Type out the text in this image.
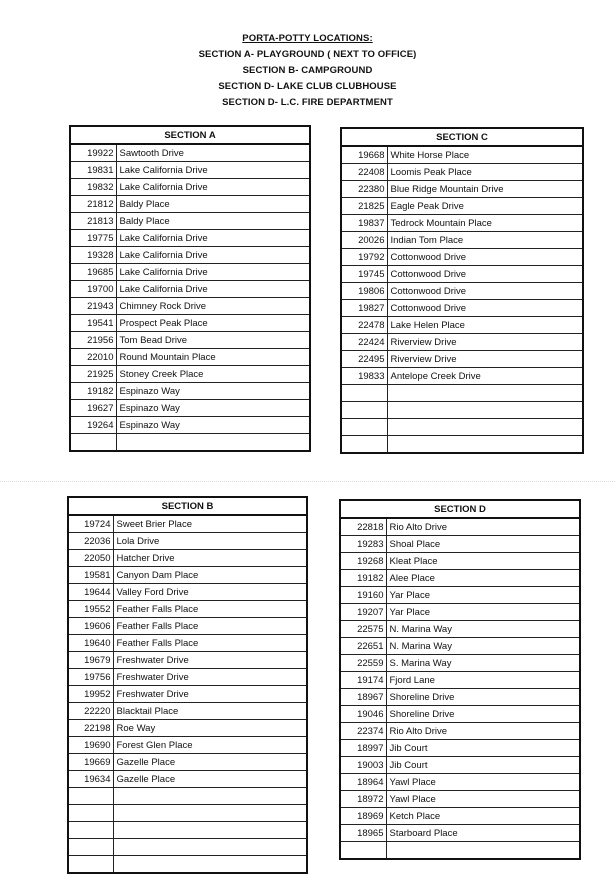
PORTA-POTTY LOCATIONS:
SECTION A- PLAYGROUND ( NEXT TO OFFICE)
SECTION B- CAMPGROUND
SECTION D- LAKE CLUB CLUBHOUSE
SECTION D- L.C. FIRE DEPARTMENT
SECTION A	
19922	Sawtooth Drive
19831	Lake California Drive
19832	Lake California Drive
21812	Baldy Place
21813	Baldy Place
19775	Lake California Drive
19328	Lake California Drive
19685	Lake California Drive
19700	Lake California Drive
21943	Chimney Rock Drive
19541	Prospect Peak Place
21956	Tom Bead Drive
22010	Round Mountain Place
21925	Stoney Creek Place
19182	Espinazo Way
19627	Espinazo Way
19264	Espinazo Way

SECTION C	
19668	White Horse Place
22408	Loomis Peak Place
22380	Blue Ridge Mountain Drive
21825	Eagle Peak Drive
19837	Tedrock Mountain Place
20026	Indian Tom Place
19792	Cottonwood Drive
19745	Cottonwood Drive
19806	Cottonwood Drive
19827	Cottonwood Drive
22478	Lake Helen Place
22424	Riverview Drive
22495	Riverview Drive
19833	Antelope Creek Drive

SECTION B	
19724	Sweet Brier Place
22036	Lola Drive
22050	Hatcher Drive
19581	Canyon Dam Place
19644	Valley Ford Drive
19552	Feather Falls Place
19606	Feather Falls Place
19640	Feather Falls Place
19679	Freshwater Drive
19756	Freshwater Drive
19952	Freshwater Drive
22220	Blacktail Place
22198	Roe Way
19690	Forest Glen Place
19669	Gazelle Place
19634	Gazelle Place

SECTION D	
22818	Rio Alto Drive
19283	Shoal Place
19268	Kleat Place
19182	Alee Place
19160	Yar Place
19207	Yar Place
22575	N. Marina Way
22651	N. Marina Way
22559	S. Marina Way
19174	Fjord Lane
18967	Shoreline Drive
19046	Shoreline Drive
22374	Rio Alto Drive
18997	Jib Court
19003	Jib Court
18964	Yawl Place
18972	Yawl Place
18969	Ketch Place
18965	Starboard Place
